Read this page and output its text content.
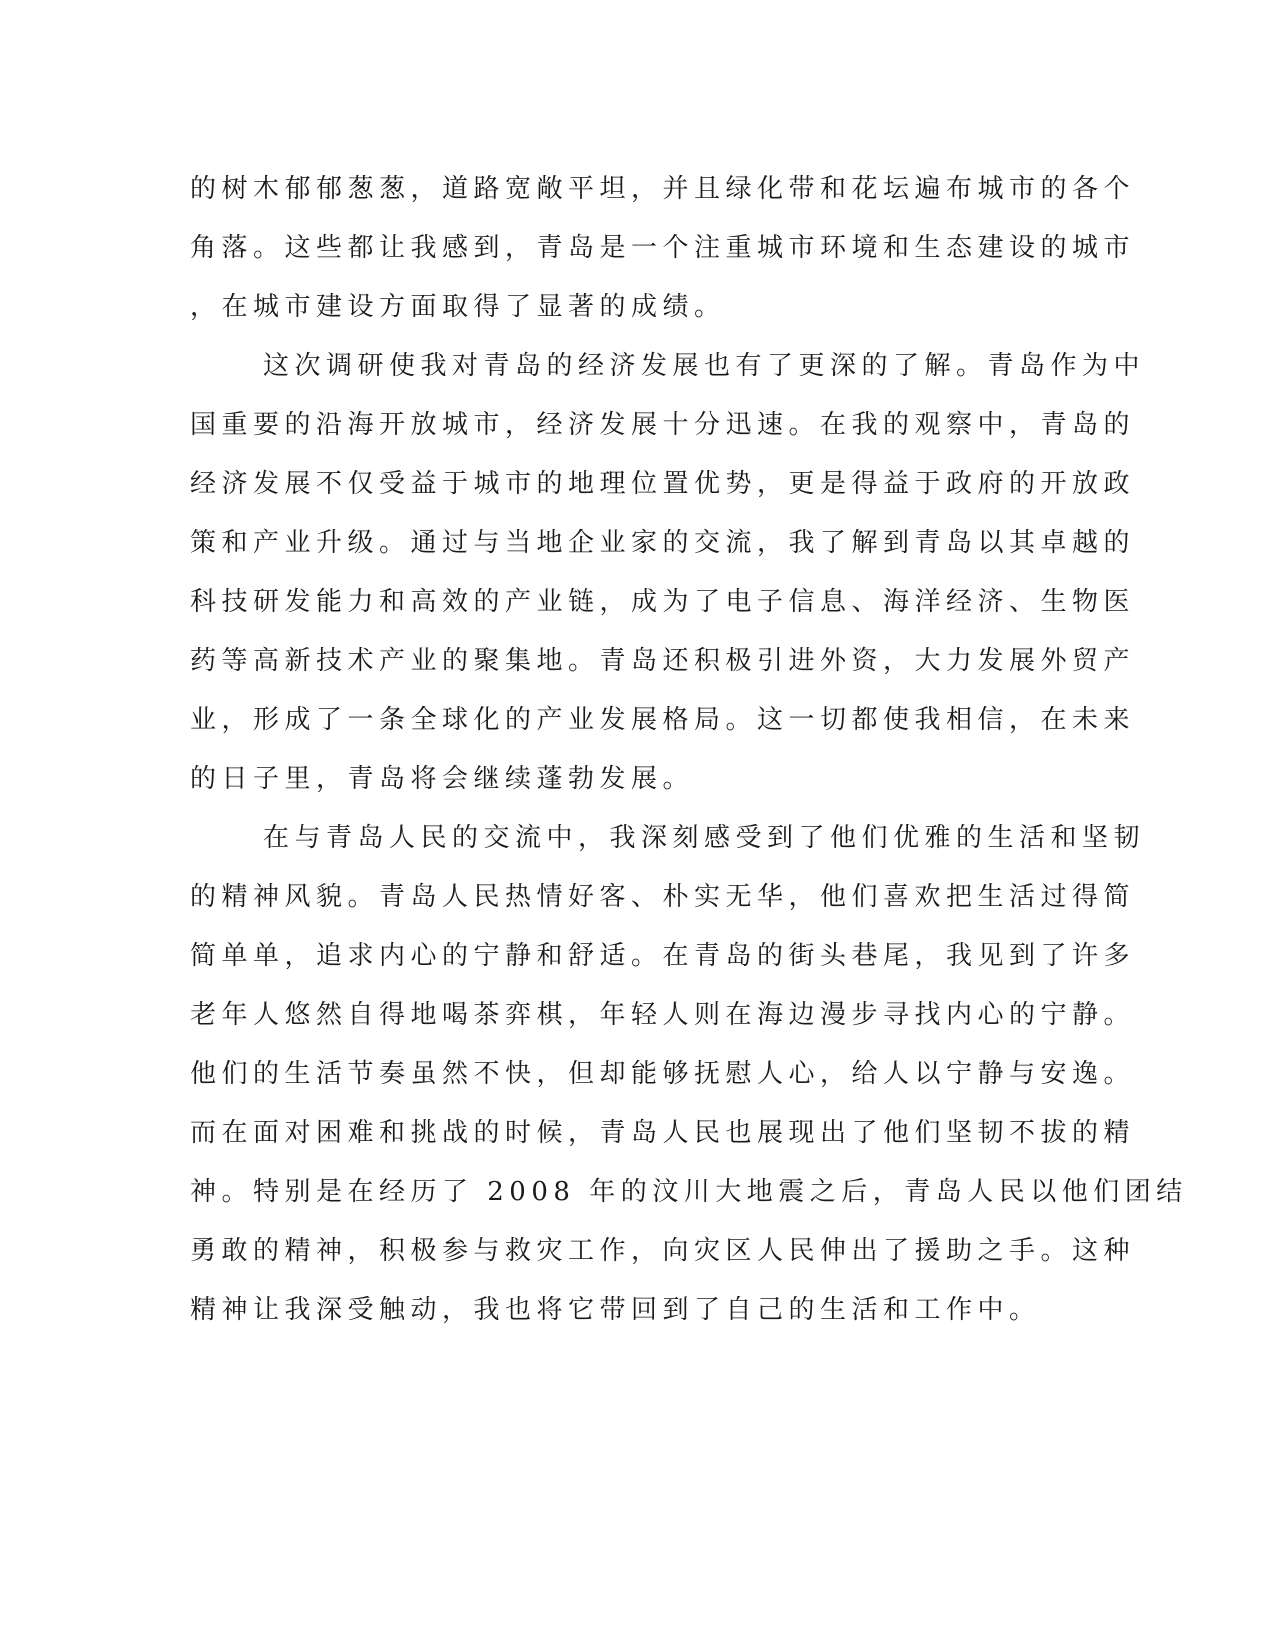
的树木郁郁葱葱，道路宽敞平坦，并且绿化带和花坛遍布城市的各个
角落。这些都让我感到，青岛是一个注重城市环境和生态建设的城市
，在城市建设方面取得了显著的成绩。
这次调研使我对青岛的经济发展也有了更深的了解。青岛作为中
国重要的沿海开放城市，经济发展十分迅速。在我的观察中，青岛的
经济发展不仅受益于城市的地理位置优势，更是得益于政府的开放政
策和产业升级。通过与当地企业家的交流，我了解到青岛以其卓越的
科技研发能力和高效的产业链，成为了电子信息、海洋经济、生物医
药等高新技术产业的聚集地。青岛还积极引进外资，大力发展外贸产
业，形成了一条全球化的产业发展格局。这一切都使我相信，在未来
的日子里，青岛将会继续蓬勃发展。
在与青岛人民的交流中，我深刻感受到了他们优雅的生活和坚韧
的精神风貌。青岛人民热情好客、朴实无华，他们喜欢把生活过得简
简单单，追求内心的宁静和舒适。在青岛的街头巷尾，我见到了许多
老年人悠然自得地喝茶弈棋，年轻人则在海边漫步寻找内心的宁静。
他们的生活节奏虽然不快，但却能够抚慰人心，给人以宁静与安逸。
而在面对困难和挑战的时候，青岛人民也展现出了他们坚韧不拔的精
神。特别是在经历了 2008 年的汶川大地震之后，青岛人民以他们团结
勇敢的精神，积极参与救灾工作，向灾区人民伸出了援助之手。这种
精神让我深受触动，我也将它带回到了自己的生活和工作中。
